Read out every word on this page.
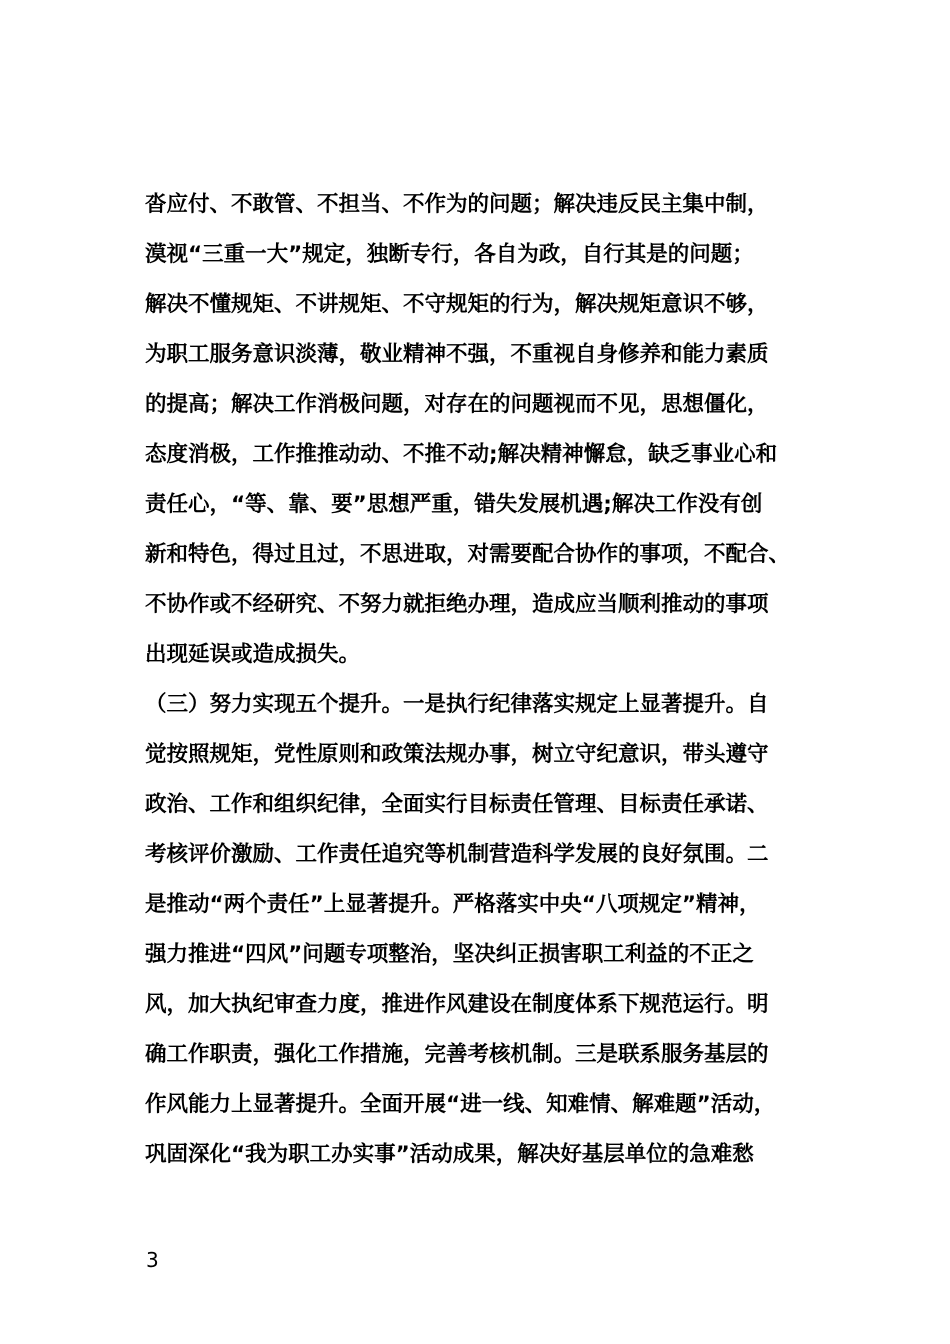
沓应付、不敢管、不担当、不作为的问题；解决违反民主集中制，
漠视“三重一大”规定，独断专行，各自为政，自行其是的问题；
解决不懂规矩、不讲规矩、不守规矩的行为，解决规矩意识不够，
为职工服务意识淡薄，敬业精神不强，不重视自身修养和能力素质
的提高；解决工作消极问题，对存在的问题视而不见，思想僵化，
态度消极，工作推推动动、不推不动;解决精神懈怠，缺乏事业心和
责任心，“等、靠、要”思想严重，错失发展机遇;解决工作没有创
新和特色，得过且过，不思进取，对需要配合协作的事项，不配合、
不协作或不经研究、不努力就拒绝办理，造成应当顺利推动的事项
出现延误或造成损失。
（三）努力实现五个提升。一是执行纪律落实规定上显著提升。自
觉按照规矩，党性原则和政策法规办事，树立守纪意识，带头遵守
政治、工作和组织纪律，全面实行目标责任管理、目标责任承诺、
考核评价激励、工作责任追究等机制营造科学发展的良好氛围。二
是推动“两个责任”上显著提升。严格落实中央“八项规定”精神，
强力推进“四风”问题专项整治，坚决纠正损害职工利益的不正之
风，加大执纪审查力度，推进作风建设在制度体系下规范运行。明
确工作职责，强化工作措施，完善考核机制。三是联系服务基层的
作风能力上显著提升。全面开展“进一线、知难情、解难题”活动，
巩固深化“我为职工办实事”活动成果，解决好基层单位的急难愁
3
